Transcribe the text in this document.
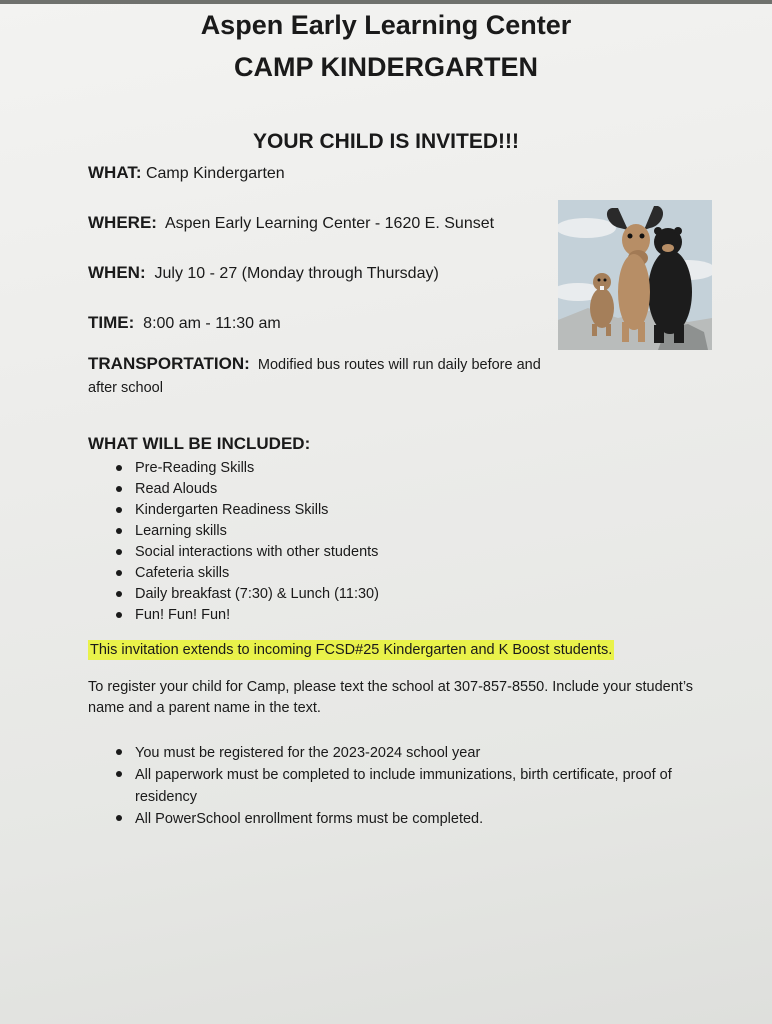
Aspen Early Learning Center
CAMP KINDERGARTEN
YOUR CHILD IS INVITED!!!
WHAT: Camp Kindergarten
WHERE: Aspen Early Learning Center - 1620 E. Sunset
WHEN: July 10 - 27 (Monday through Thursday)
TIME: 8:00 am - 11:30 am
TRANSPORTATION: Modified bus routes will run daily before and after school
WHAT WILL BE INCLUDED:
Pre-Reading Skills
Read Alouds
Kindergarten Readiness Skills
Learning skills
Social interactions with other students
Cafeteria skills
Daily breakfast (7:30) & Lunch (11:30)
Fun! Fun! Fun!
This invitation extends to incoming FCSD#25 Kindergarten and K Boost students.
To register your child for Camp, please text the school at 307-857-8550. Include your student’s name and a parent name in the text.
You must be registered for the 2023-2024 school year
All paperwork must be completed to include immunizations, birth certificate, proof of residency
All PowerSchool enrollment forms must be completed.
